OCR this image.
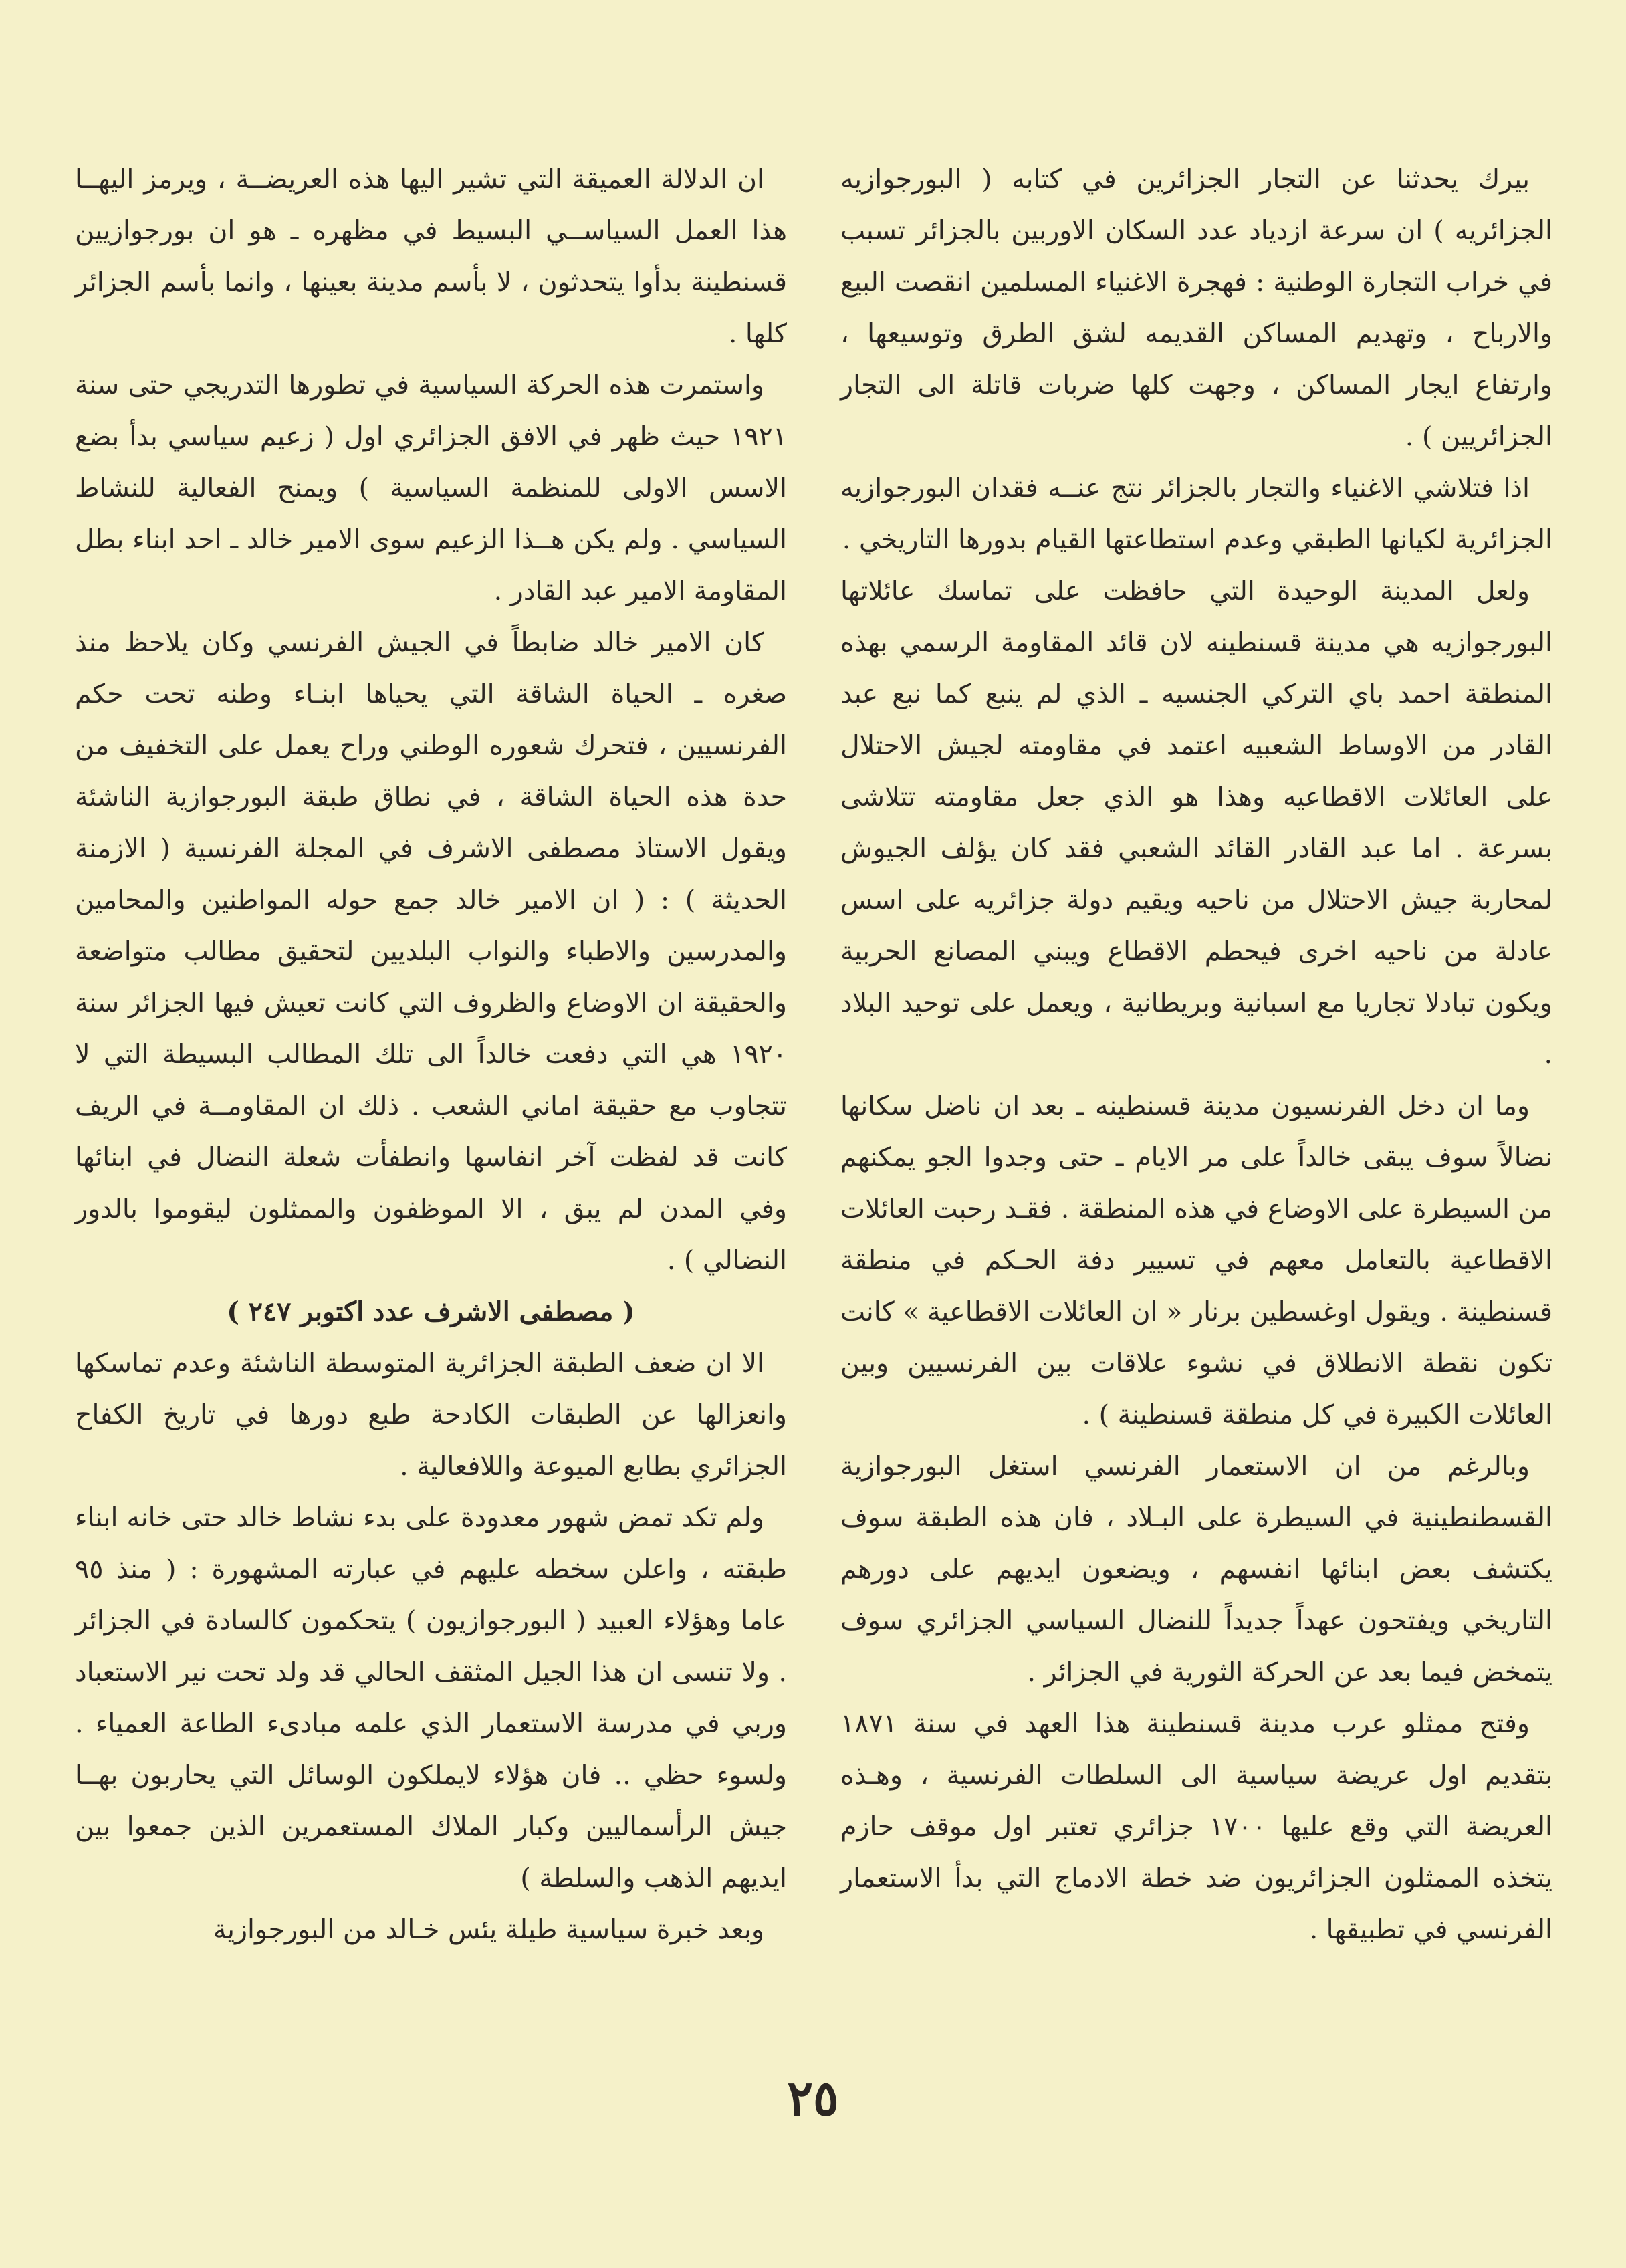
بيرك يحدثنا عن التجار الجزائرين في كتابه ( البورجوازيه الجزائريه ) ان سرعة ازدياد عدد السكان الاوربين بالجزائر تسبب في خراب التجارة الوطنية : فهجرة الاغنياء المسلمين انقصت البيع والارباح ، وتهديم المساكن القديمه لشق الطرق وتوسيعها ، وارتفاع ايجار المساكن ، وجهت كلها ضربات قاتلة الى التجار الجزائريين ) .

اذا فتلاشي الاغنياء والتجار بالجزائر نتج عنــه فقدان البورجوازيه الجزائرية لكيانها الطبقي وعدم استطاعتها القيام بدورها التاريخي .

ولعل المدينة الوحيدة التي حافظت على تماسك عائلاتها البورجوازيه هي مدينة قسنطينه لان قائد المقاومة الرسمي بهذه المنطقة احمد باي التركي الجنسيه ـ الذي لم ينبع كما نبع عبد القادر من الاوساط الشعبيه اعتمد في مقاومته لجيش الاحتلال على العائلات الاقطاعيه وهذا هو الذي جعل مقاومته تتلاشى بسرعة . اما عبد القادر القائد الشعبي فقد كان يؤلف الجيوش لمحاربة جيش الاحتلال من ناحيه ويقيم دولة جزائريه على اسس عادلة من ناحيه اخرى فيحطم الاقطاع ويبني المصانع الحربية ويكون تبادلا تجاريا مع اسبانية وبريطانية ، ويعمل على توحيد البلاد .

وما ان دخل الفرنسيون مدينة قسنطينه ـ بعد ان ناضل سكانها نضالاً سوف يبقى خالداً على مر الايام ـ حتى وجدوا الجو يمكنهم من السيطرة على الاوضاع في هذه المنطقة . فقـد رحبت العائلات الاقطاعية بالتعامل معهم في تسيير دفة الحـكم في منطقة قسنطينة . ويقول اوغسطين برنار « ان العائلات الاقطاعية » كانت تكون نقطة الانطلاق في نشوء علاقات بين الفرنسيين وبين العائلات الكبيرة في كل منطقة قسنطينة ) .

وبالرغم من ان الاستعمار الفرنسي استغل البورجوازية القسطنطينية في السيطرة على البـلاد ، فان هذه الطبقة سوف يكتشف بعض ابنائها انفسهم ، ويضعون ايديهم على دورهم التاريخي ويفتحون عهداً جديداً للنضال السياسي الجزائري سوف يتمخض فيما بعد عن الحركة الثورية في الجزائر .

وفتح ممثلو عرب مدينة قسنطينة هذا العهد في سنة ١٨٧١ بتقديم اول عريضة سياسية الى السلطات الفرنسية ، وهـذه العريضة التي وقع عليها ١٧٠٠ جزائري تعتبر اول موقف حازم يتخذه الممثلون الجزائريون ضد خطة الادماج التي بدأ الاستعمار الفرنسي في تطبيقها .

ان الدلالة العميقة التي تشير اليها هذه العريضــة ، ويرمز اليهــا هذا العمل السياســي البسيط في مظهره ـ هو ان بورجوازيين قسنطينة بدأوا يتحدثون ، لا بأسم مدينة بعينها ، وانما بأسم الجزائر كلها .

واستمرت هذه الحركة السياسية في تطورها التدريجي حتى سنة ١٩٢١ حيث ظهر في الافق الجزائري اول ( زعيم سياسي بدأ بضع الاسس الاولى للمنظمة السياسية ) ويمنح الفعالية للنشاط السياسي . ولم يكن هــذا الزعيم سوى الامير خالد ـ احد ابناء بطل المقاومة الامير عبد القادر .

كان الامير خالد ضابطاً في الجيش الفرنسي وكان يلاحظ منذ صغره ـ الحياة الشاقة التي يحياها ابنـاء وطنه تحت حكم الفرنسيين ، فتحرك شعوره الوطني وراح يعمل على التخفيف من حدة هذه الحياة الشاقة ، في نطاق طبقة البورجوازية الناشئة ويقول الاستاذ مصطفى الاشرف في المجلة الفرنسية ( الازمنة الحديثة ) : ( ان الامير خالد جمع حوله المواطنين والمحامين والمدرسين والاطباء والنواب البلديين لتحقيق مطالب متواضعة والحقيقة ان الاوضاع والظروف التي كانت تعيش فيها الجزائر سنة ١٩٢٠ هي التي دفعت خالداً الى تلك المطالب البسيطة التي لا تتجاوب مع حقيقة اماني الشعب . ذلك ان المقاومــة في الريف كانت قد لفظت آخر انفاسها وانطفأت شعلة النضال في ابنائها وفي المدن لم يبق ، الا الموظفون والممثلون ليقوموا بالدور النضالي ) .

( مصطفى الاشرف عدد اكتوبر ٢٤٧ )

الا ان ضعف الطبقة الجزائرية المتوسطة الناشئة وعدم تماسكها وانعزالها عن الطبقات الكادحة طبع دورها في تاريخ الكفاح الجزائري بطابع الميوعة واللافعالية .

ولم تكد تمض شهور معدودة على بدء نشاط خالد حتى خانه ابناء طبقته ، واعلن سخطه عليهم في عبارته المشهورة : ( منذ ٩٥ عاما وهؤلاء العبيد ( البورجوازيون ) يتحكمون كالسادة في الجزائر . ولا تنسى ان هذا الجيل المثقف الحالي قد ولد تحت نير الاستعباد وربي في مدرسة الاستعمار الذي علمه مبادىء الطاعة العمياء . ولسوء حظي .. فان هؤلاء لايملكون الوسائل التي يحاربون بهــا جيش الرأسماليين وكبار الملاك المستعمرين الذين جمعوا بين ايديهم الذهب والسلطة )

وبعد خبرة سياسية طيلة يئس خـالد من البورجوازية

٢٥
